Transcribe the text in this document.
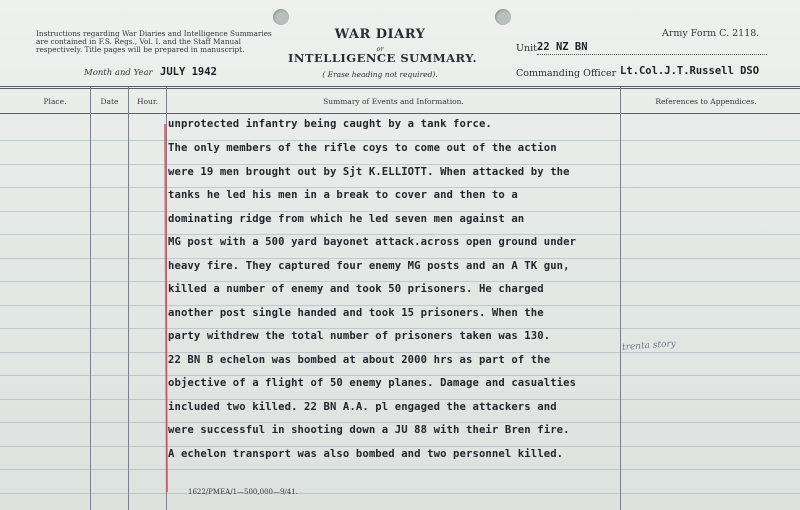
Instructions regarding War Diaries and Intelligence Summaries are contained in F.S. Regs., Vol. I. and the Staff Manual respectively. Title pages will be prepared in manuscript.
Month and Year JULY 1942
WAR DIARY
or
INTELLIGENCE SUMMARY.
( Erase heading not required).
Army Form C. 2118.
Unit 22 NZ BN
Commanding Officer Lt.Col.J.T.Russell DSO
Place.	Date	Hour.	Summary of Events and Information.	References to Appendices.
unprotected infantry being caught by a tank force.
The only members of the rifle coys to come out of the action
were 19 men brought out by Sjt K.ELLIOTT. When attacked by the
tanks he led his men in a break to cover and then to a
dominating ridge from which he led seven men against an
MG post with a 500 yard bayonet attack.across open ground under
heavy fire. They captured four enemy MG posts and an A TK gun,
killed a number of enemy and took 50 prisoners. He charged
another post single handed and took 15 prisoners. When the
party withdrew the total number of prisoners taken was 130.
22 BN B echelon was bombed at about 2000 hrs as part of the
objective of a flight of 50 enemy planes. Damage and casualties
included two killed. 22 BN A.A. pl engaged the attackers and
were successful in shooting down a JU 88 with their Bren fire.
A echelon transport was also bombed and two personnel killed.
trenta story
1622/PMEA/1—500,000—9/41.
